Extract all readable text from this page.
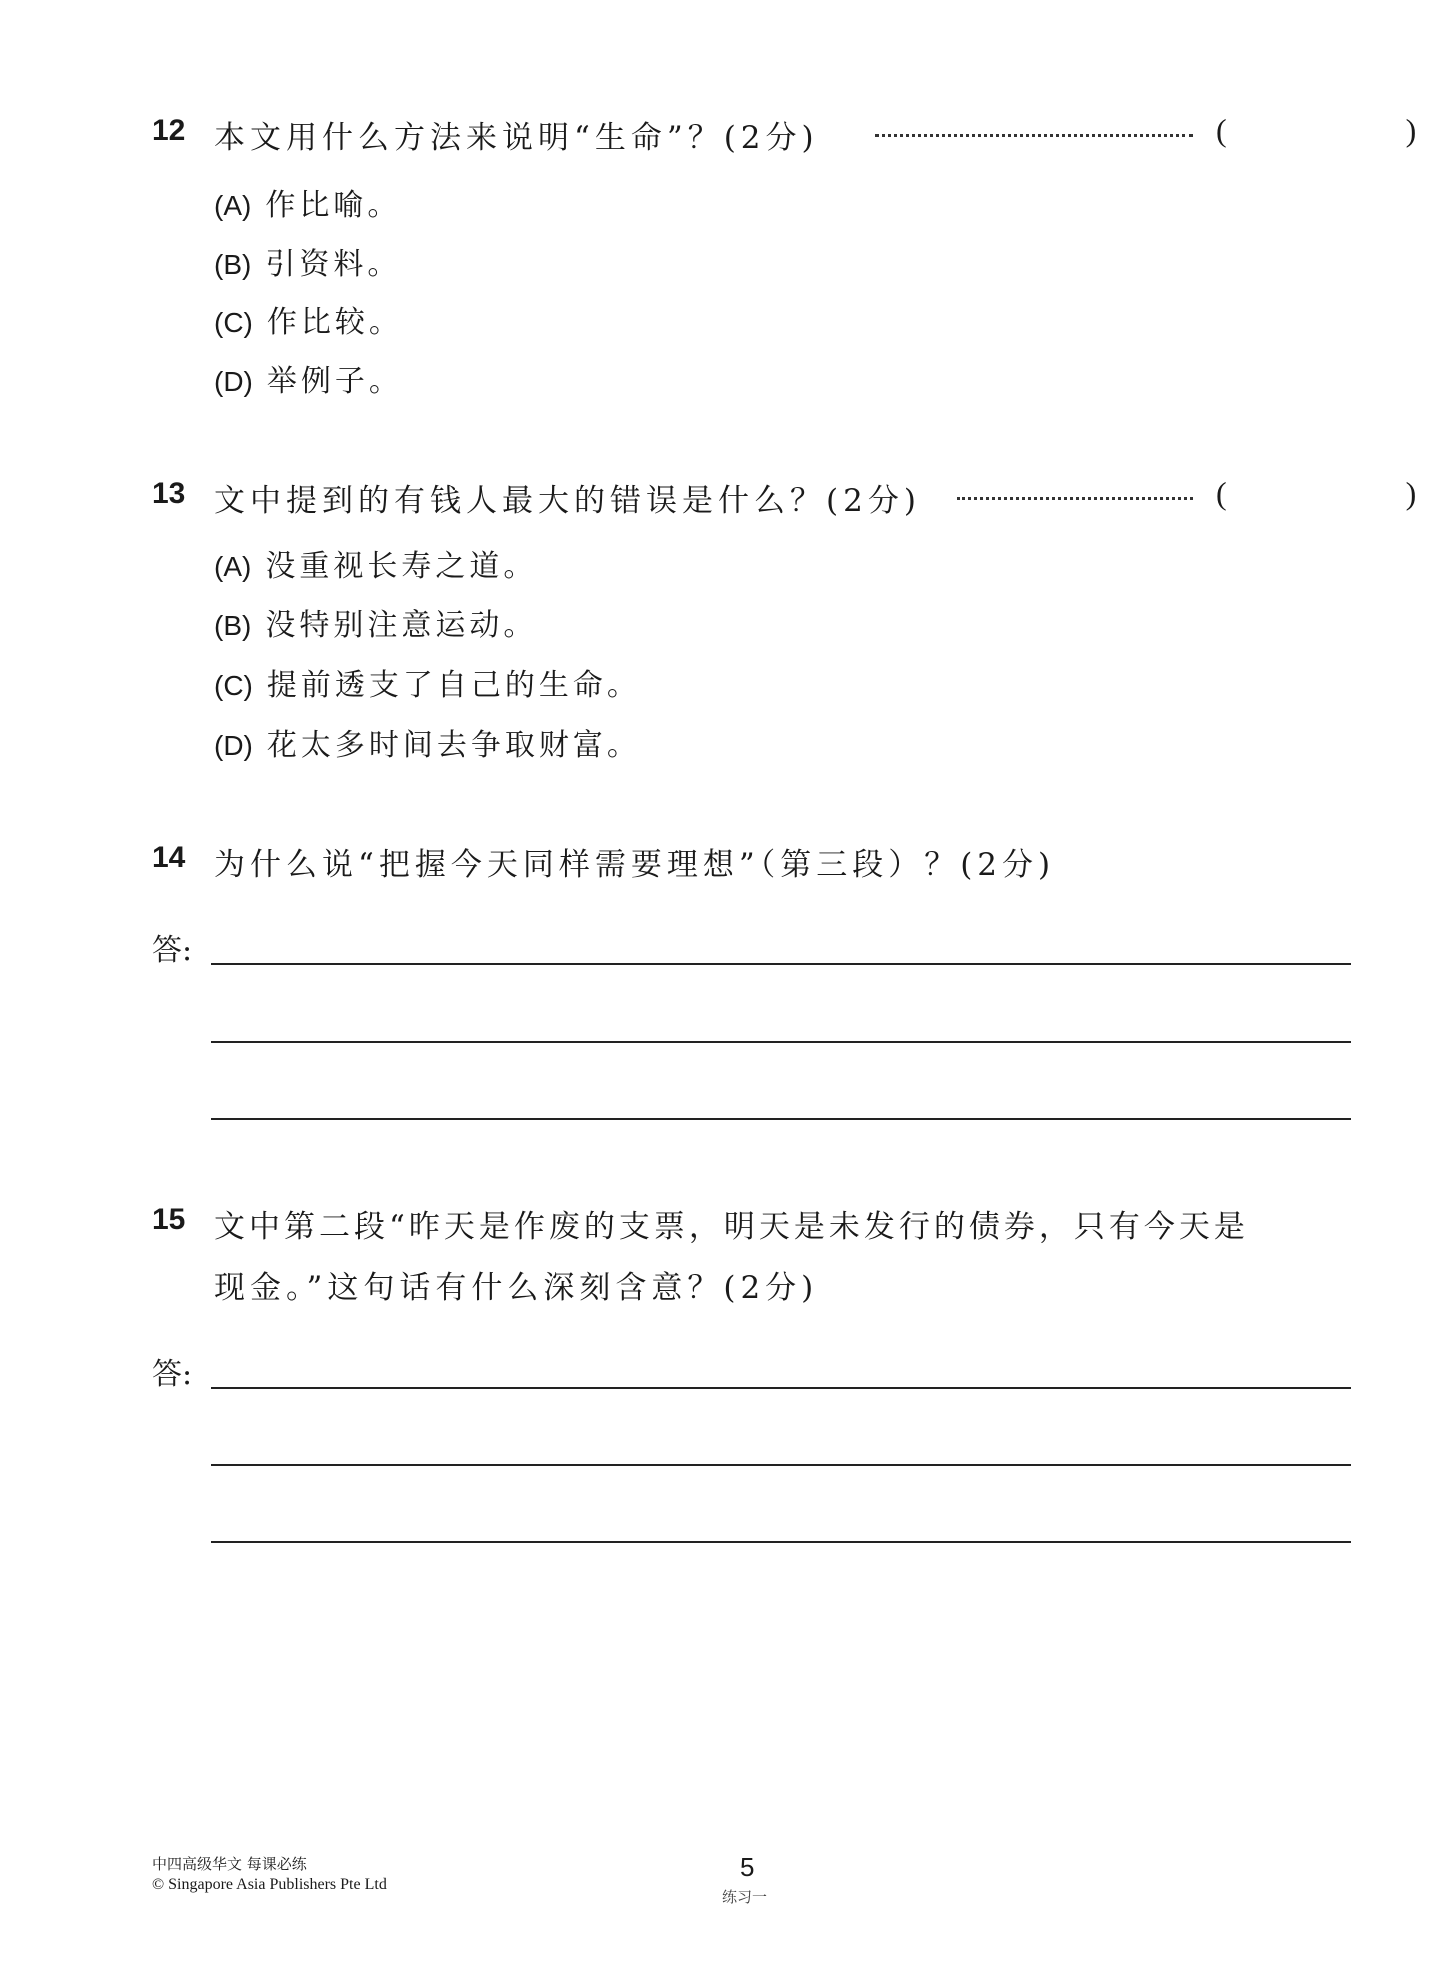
12 本文用什么方法来说明“生命”？(2分)	(          )
(A) 作比喻。
(B) 引资料。
(C) 作比较。
(D) 举例子。
13 文中提到的有钱人最大的错误是什么？(2分)	(          )
(A) 没重视长寿之道。
(B) 没特别注意运动。
(C) 提前透支了自己的生命。
(D) 花太多时间去争取财富。
14 为什么说“把握今天同样需要理想”（第三段）？(2分)
答:
15 文中第二段“昨天是作废的支票，明天是未发行的债券，只有今天是
现金。”这句话有什么深刻含意？(2分)
答:
中四高级华文 每课必练
© Singapore Asia Publishers Pte Ltd
5
练习一
